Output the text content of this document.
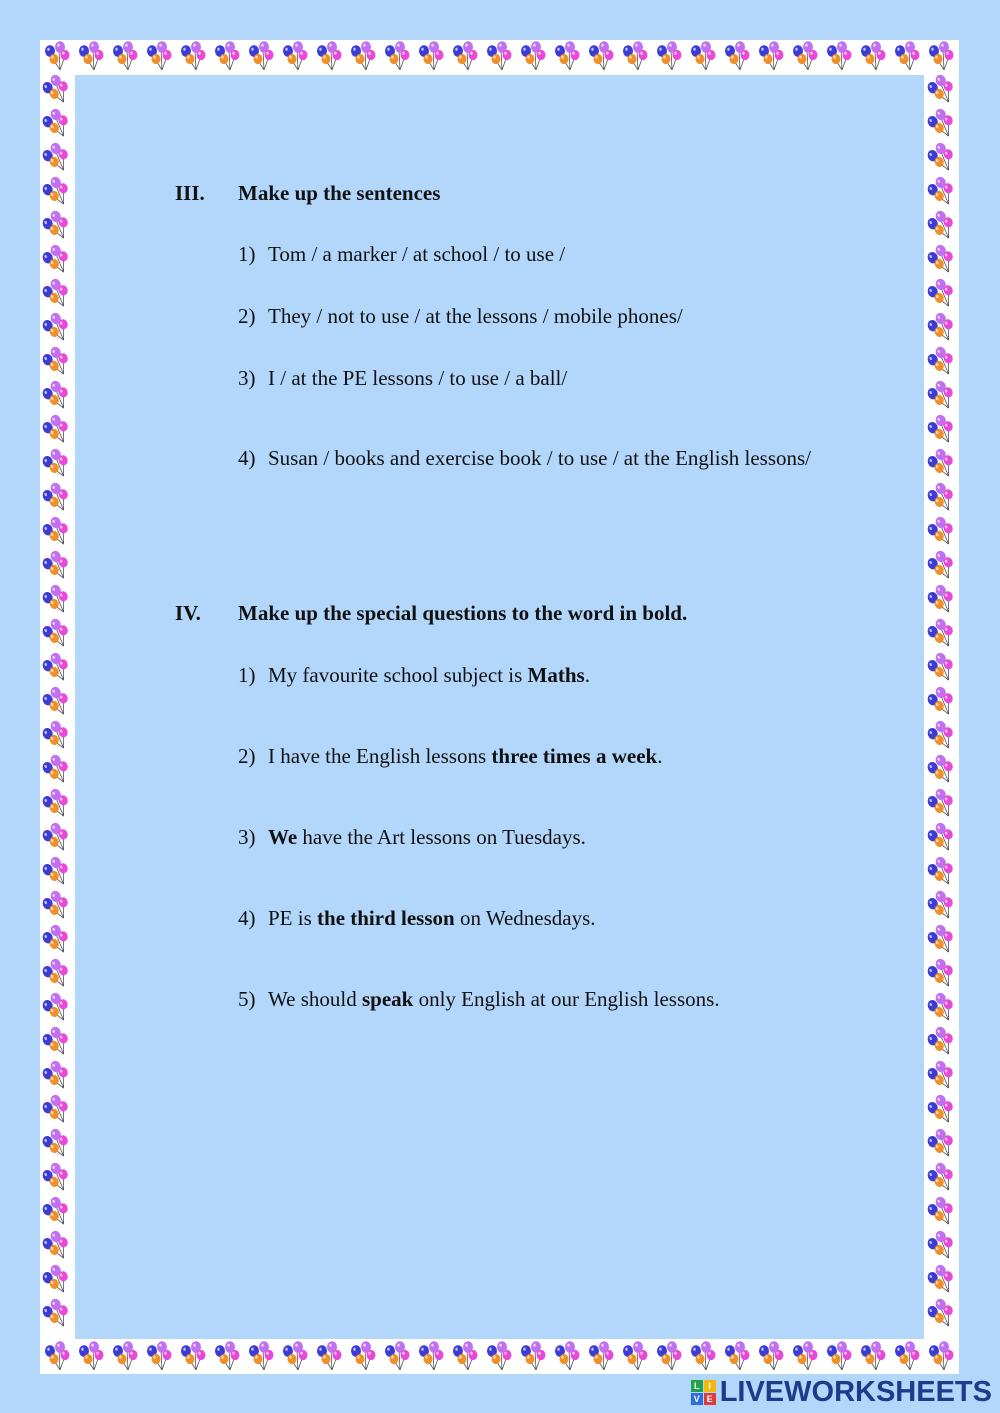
III. Make up the sentences
1) Tom / a marker / at school / to use /
2) They / not to use / at the lessons / mobile phones/
3) I / at the PE lessons / to use / a ball/
4) Susan / books and exercise book / to use / at the English lessons/
IV. Make up the special questions to the word in bold.
1) My favourite school subject is Maths.
2) I have the English lessons three times a week.
3) We have the Art lessons on Tuesdays.
4) PE is the third lesson on Wednesdays.
5) We should speak only English at our English lessons.
L I
V E LIVEWORKSHEETS
